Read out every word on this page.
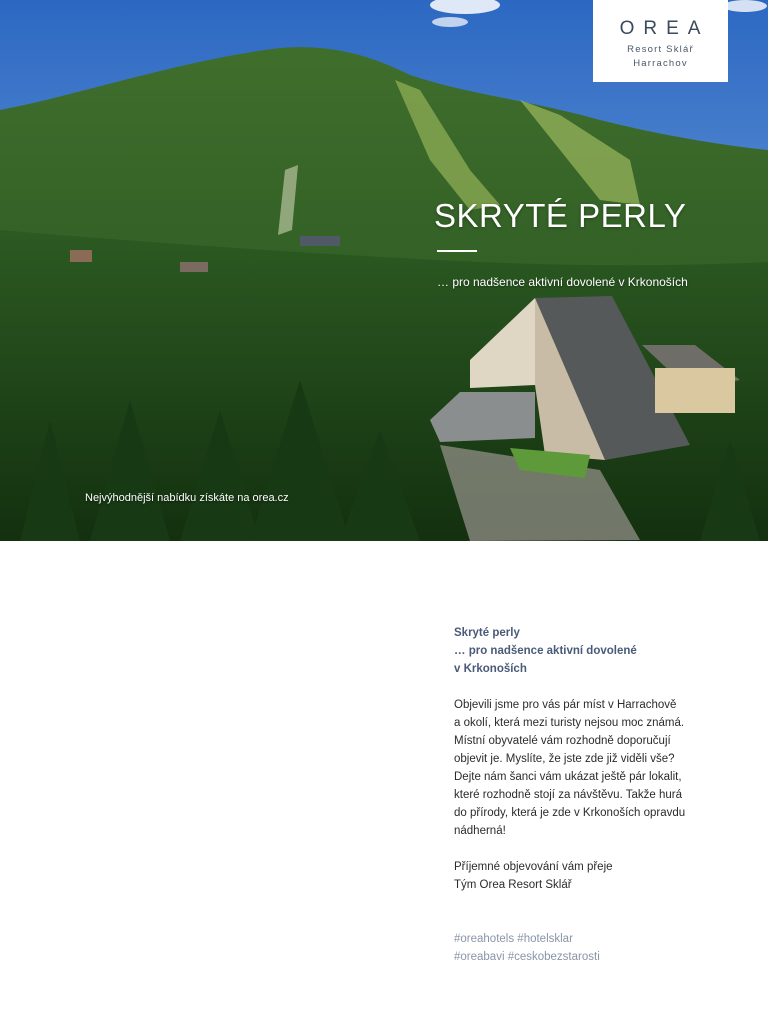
OREA
Resort Sklář
Harrachov
SKRYTÉ PERLY
… pro nadšence aktivní dovolené v Krkonoších
Nejvýhodnější nabídku získáte na orea.cz
Skryté perly
… pro nadšence aktivní dovolené
v Krkonoších
Objevili jsme pro vás pár míst v Harrachově
a okolí, která mezi turisty nejsou moc známá.
Místní obyvatelé vám rozhodně doporučují
objevit je. Myslíte, že jste zde již viděli vše?
Dejte nám šanci vám ukázat ještě pár lokalit,
které rozhodně stojí za návštěvu. Takže hurá
do přírody, která je zde v Krkonoších opravdu
nádherná!
Příjemné objevování vám přeje
Tým Orea Resort Sklář
#oreahotels #hotelsklar
#oreabavi #ceskobezstarosti
